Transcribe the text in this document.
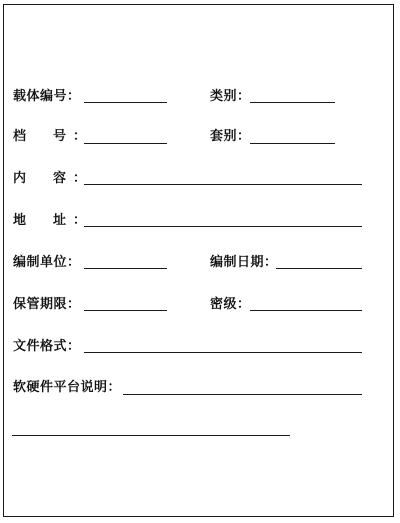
载体编号：	类别：
档　号：	套别：
内　容：
地　址：
编制单位：	编制日期：
保管期限：	密级：
文件格式：
软硬件平台说明：
